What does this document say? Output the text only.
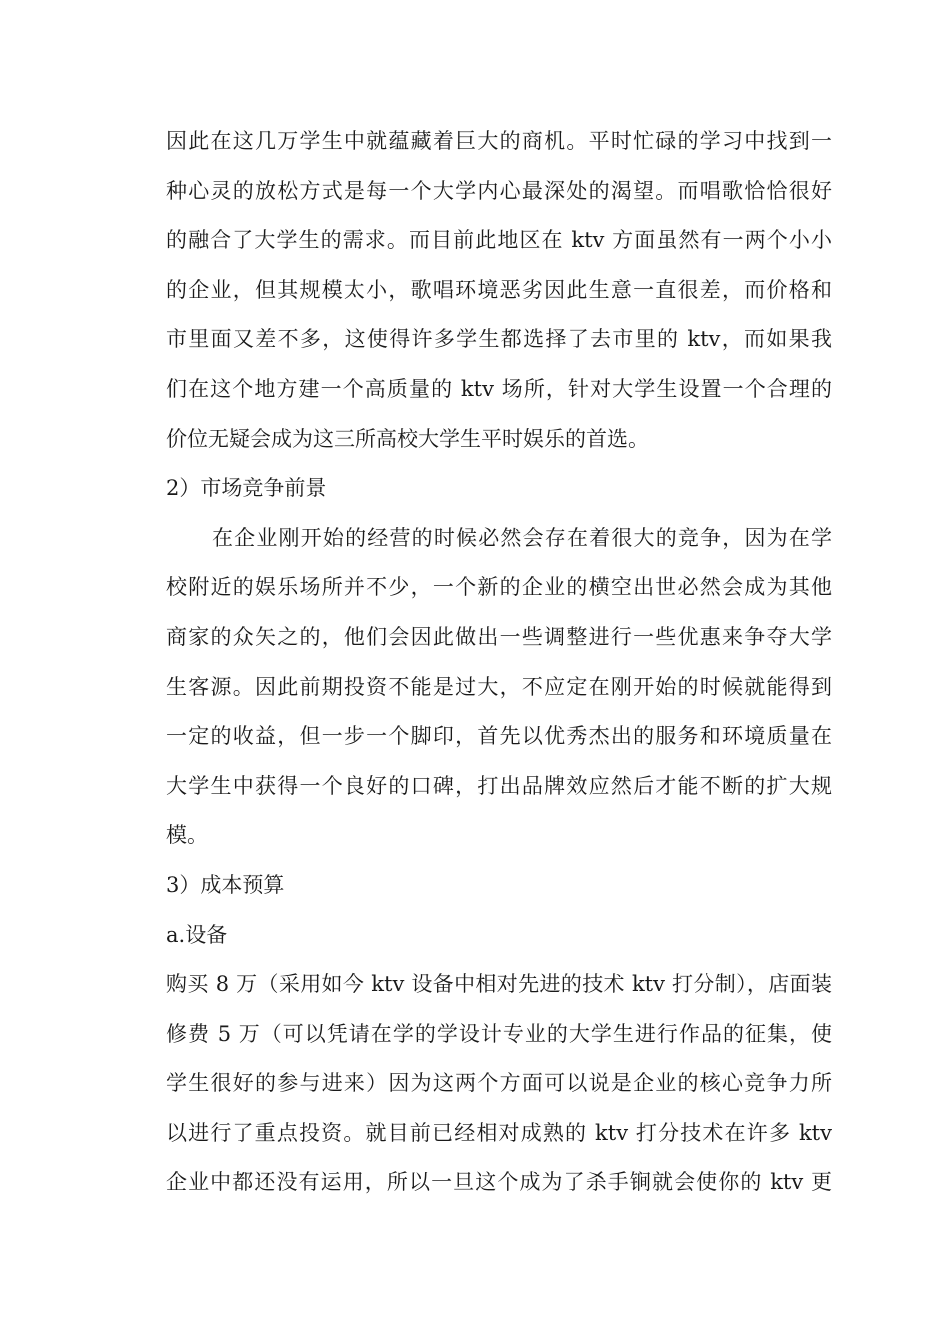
因此在这几万学生中就蕴藏着巨大的商机。平时忙碌的学习中找到一
种心灵的放松方式是每一个大学内心最深处的渴望。而唱歌恰恰很好
的融合了大学生的需求。而目前此地区在 ktv 方面虽然有一两个小小
的企业，但其规模太小，歌唱环境恶劣因此生意一直很差，而价格和
市里面又差不多，这使得许多学生都选择了去市里的 ktv，而如果我
们在这个地方建一个高质量的 ktv 场所，针对大学生设置一个合理的
价位无疑会成为这三所高校大学生平时娱乐的首选。
2）市场竞争前景
在企业刚开始的经营的时候必然会存在着很大的竞争，因为在学
校附近的娱乐场所并不少，一个新的企业的横空出世必然会成为其他
商家的众矢之的，他们会因此做出一些调整进行一些优惠来争夺大学
生客源。因此前期投资不能是过大，不应定在刚开始的时候就能得到
一定的收益，但一步一个脚印，首先以优秀杰出的服务和环境质量在
大学生中获得一个良好的口碑，打出品牌效应然后才能不断的扩大规
模。
3）成本预算
a.设备
购买 8 万（采用如今 ktv 设备中相对先进的技术 ktv 打分制），店面装
修费 5 万（可以凭请在学的学设计专业的大学生进行作品的征集，使
学生很好的参与进来）因为这两个方面可以说是企业的核心竞争力所
以进行了重点投资。就目前已经相对成熟的 ktv 打分技术在许多 ktv
企业中都还没有运用，所以一旦这个成为了杀手锏就会使你的 ktv 更
